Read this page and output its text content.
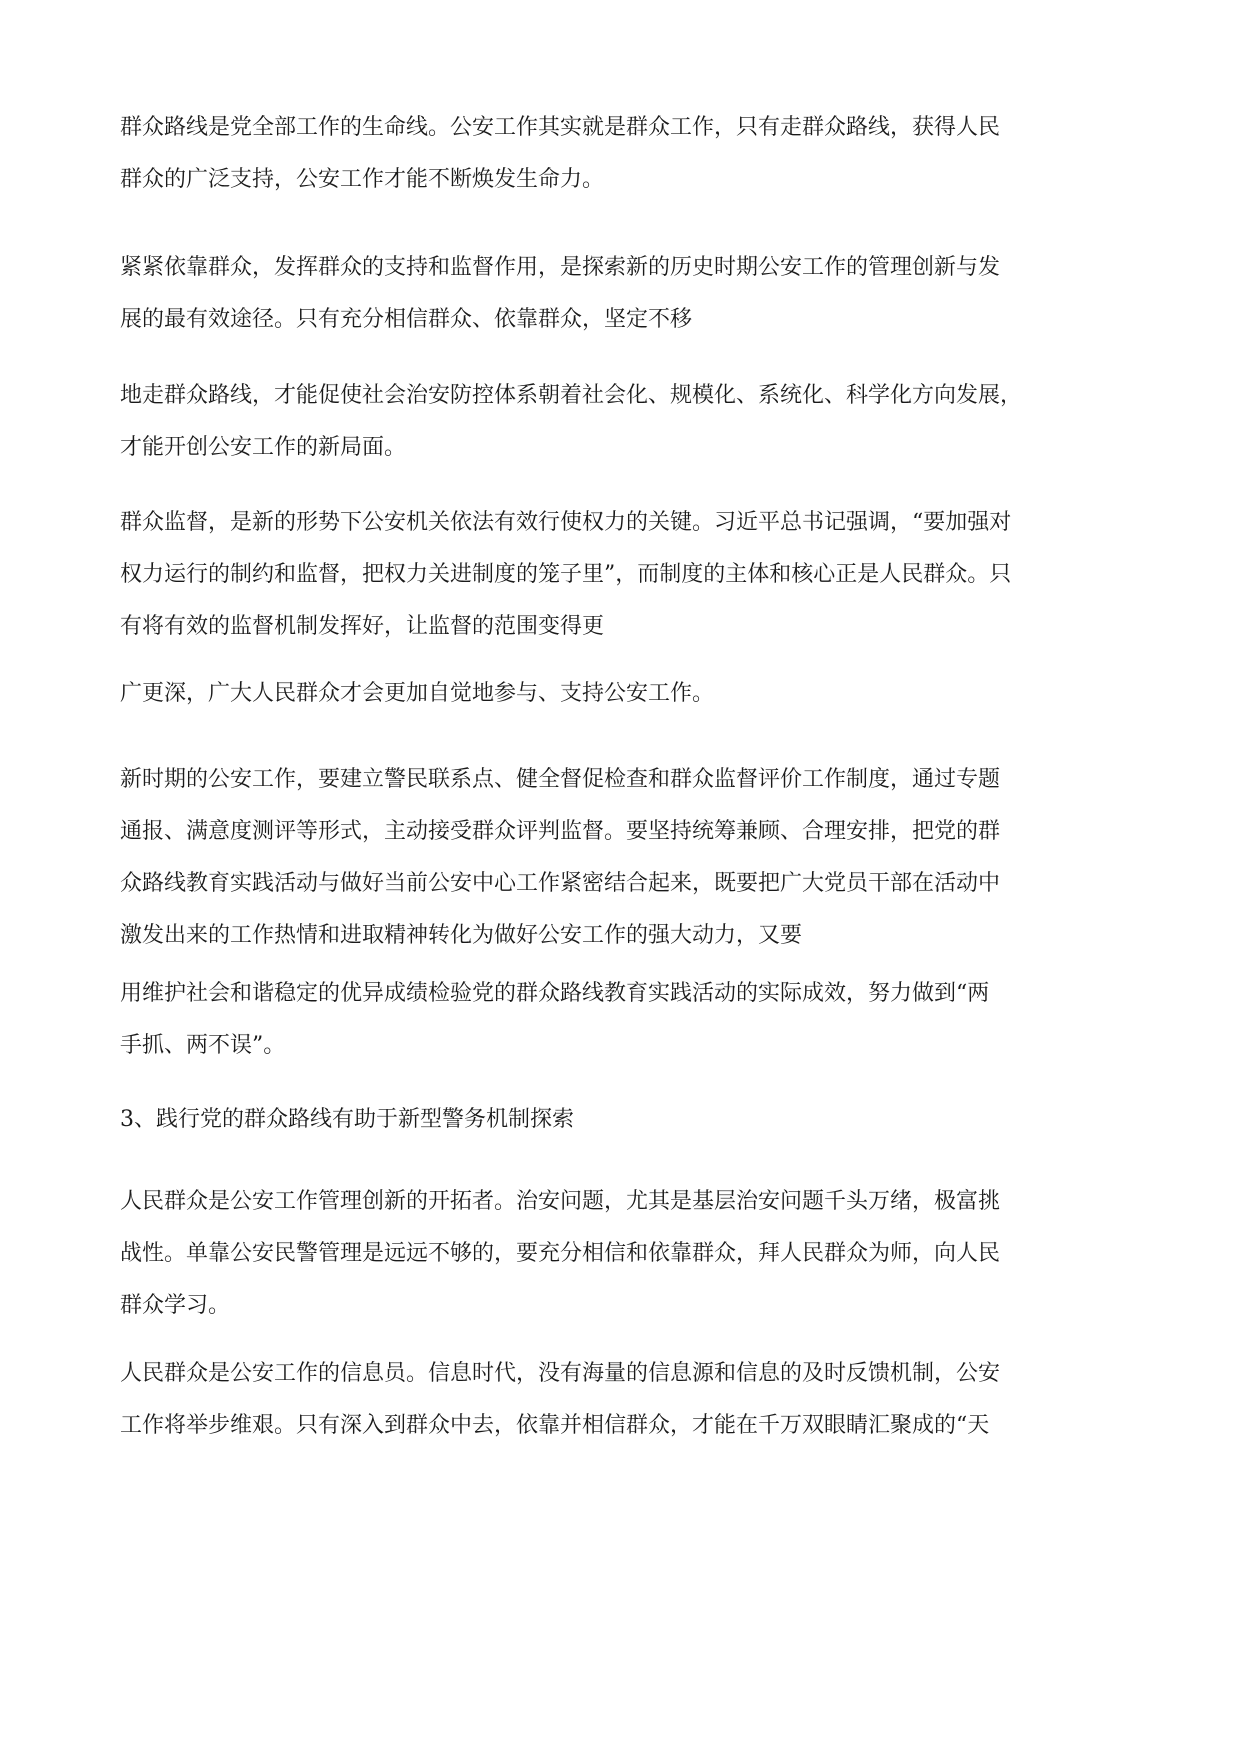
群众路线是党全部工作的生命线。公安工作其实就是群众工作，只有走群众路线，获得人民
群众的广泛支持，公安工作才能不断焕发生命力。
紧紧依靠群众，发挥群众的支持和监督作用，是探索新的历史时期公安工作的管理创新与发
展的最有效途径。只有充分相信群众、依靠群众，坚定不移
地走群众路线，才能促使社会治安防控体系朝着社会化、规模化、系统化、科学化方向发展，
才能开创公安工作的新局面。
群众监督，是新的形势下公安机关依法有效行使权力的关键。习近平总书记强调，“要加强对
权力运行的制约和监督，把权力关进制度的笼子里”，而制度的主体和核心正是人民群众。只
有将有效的监督机制发挥好，让监督的范围变得更
广更深，广大人民群众才会更加自觉地参与、支持公安工作。
新时期的公安工作，要建立警民联系点、健全督促检查和群众监督评价工作制度，通过专题
通报、满意度测评等形式，主动接受群众评判监督。要坚持统筹兼顾、合理安排，把党的群
众路线教育实践活动与做好当前公安中心工作紧密结合起来，既要把广大党员干部在活动中
激发出来的工作热情和进取精神转化为做好公安工作的强大动力，又要
用维护社会和谐稳定的优异成绩检验党的群众路线教育实践活动的实际成效，努力做到“两
手抓、两不误”。
3、践行党的群众路线有助于新型警务机制探索
人民群众是公安工作管理创新的开拓者。治安问题，尤其是基层治安问题千头万绪，极富挑
战性。单靠公安民警管理是远远不够的，要充分相信和依靠群众，拜人民群众为师，向人民
群众学习。
人民群众是公安工作的信息员。信息时代，没有海量的信息源和信息的及时反馈机制，公安
工作将举步维艰。只有深入到群众中去，依靠并相信群众，才能在千万双眼睛汇聚成的“天
